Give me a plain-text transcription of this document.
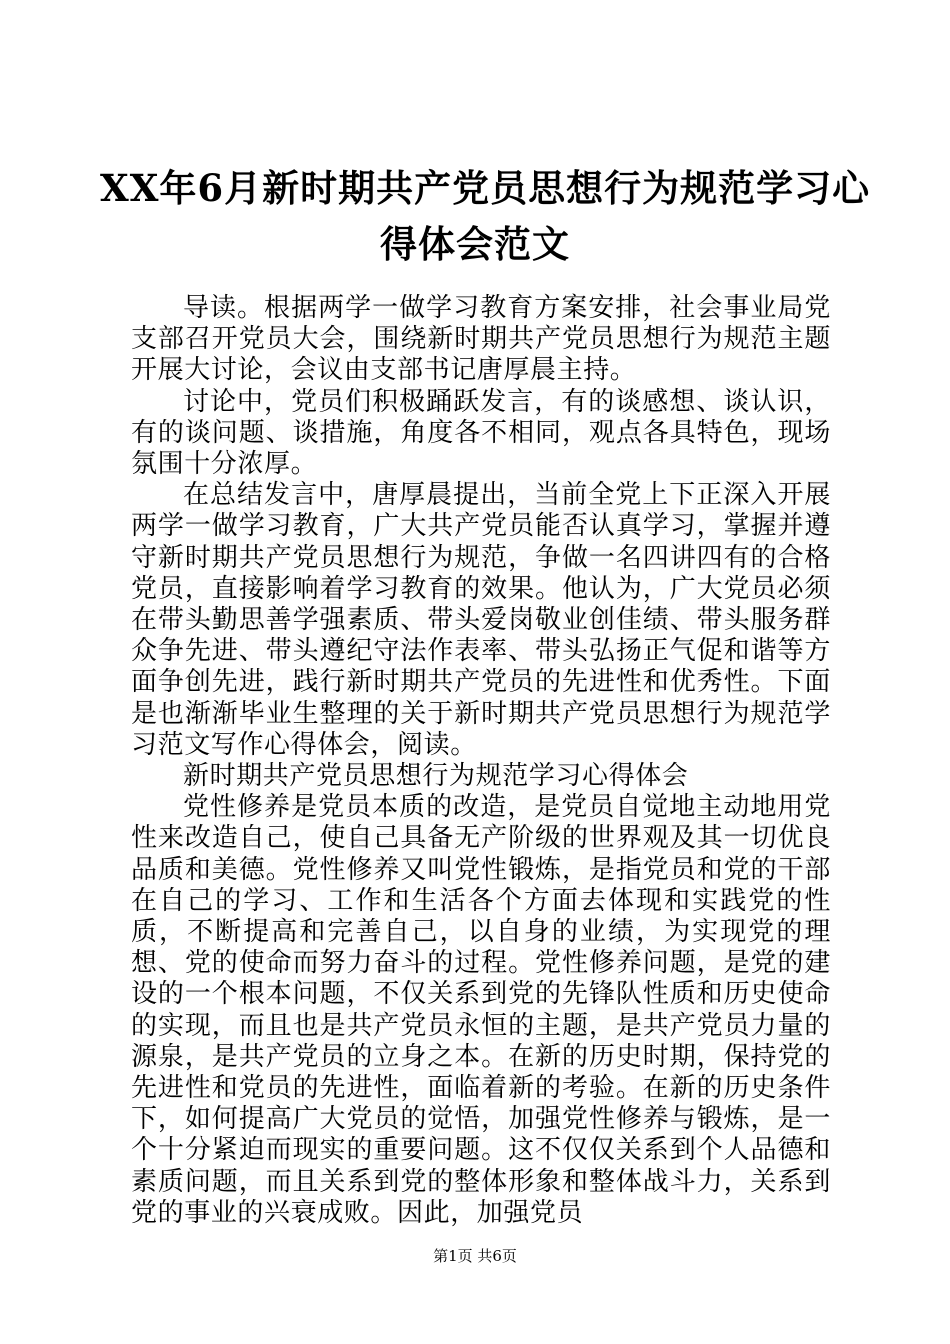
XX年6月新时期共产党员思想行为规范学习心
得体会范文

导读。根据两学一做学习教育方案安排，社会事业局党支部召开党员大会，围绕新时期共产党员思想行为规范主题开展大讨论，会议由支部书记唐厚晨主持。

讨论中，党员们积极踊跃发言，有的谈感想、谈认识，有的谈问题、谈措施，角度各不相同，观点各具特色，现场氛围十分浓厚。

在总结发言中，唐厚晨提出，当前全党上下正深入开展两学一做学习教育，广大共产党员能否认真学习，掌握并遵守新时期共产党员思想行为规范，争做一名四讲四有的合格党员，直接影响着学习教育的效果。他认为，广大党员必须在带头勤思善学强素质、带头爱岗敬业创佳绩、带头服务群众争先进、带头遵纪守法作表率、带头弘扬正气促和谐等方面争创先进，践行新时期共产党员的先进性和优秀性。下面是也渐渐毕业生整理的关于新时期共产党员思想行为规范学习范文写作心得体会，阅读。

新时期共产党员思想行为规范学习心得体会

党性修养是党员本质的改造，是党员自觉地主动地用党性来改造自己，使自己具备无产阶级的世界观及其一切优良品质和美德。党性修养又叫党性锻炼，是指党员和党的干部在自己的学习、工作和生活各个方面去体现和实践党的性质，不断提高和完善自己，以自身的业绩，为实现党的理想、党的使命而努力奋斗的过程。党性修养问题，是党的建设的一个根本问题，不仅关系到党的先锋队性质和历史使命的实现，而且也是共产党员永恒的主题，是共产党员力量的源泉，是共产党员的立身之本。在新的历史时期，保持党的先进性和党员的先进性，面临着新的考验。在新的历史条件下，如何提高广大党员的觉悟，加强党性修养与锻炼，是一个十分紧迫而现实的重要问题。这不仅仅关系到个人品德和素质问题，而且关系到党的整体形象和整体战斗力，关系到党的事业的兴衰成败。因此，加强党员

第1页 共6页
